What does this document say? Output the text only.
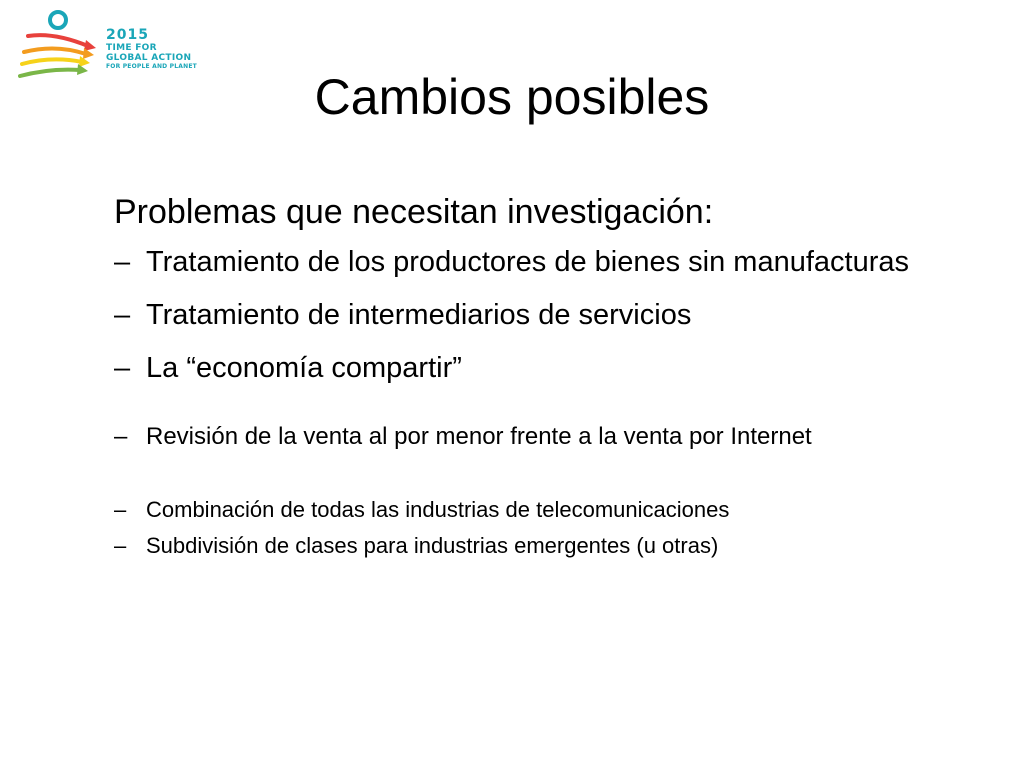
2015
TIME FOR
GLOBAL ACTION
FOR PEOPLE AND PLANET
Cambios posibles
Problemas que necesitan investigación:
– Tratamiento de los productores de bienes sin manufacturas
– Tratamiento de intermediarios de servicios
– La “economía compartir”
– Revisión de la venta al por menor frente a la venta por Internet
– Combinación de todas las industrias de telecomunicaciones
– Subdivisión de clases para industrias emergentes (u otras)
